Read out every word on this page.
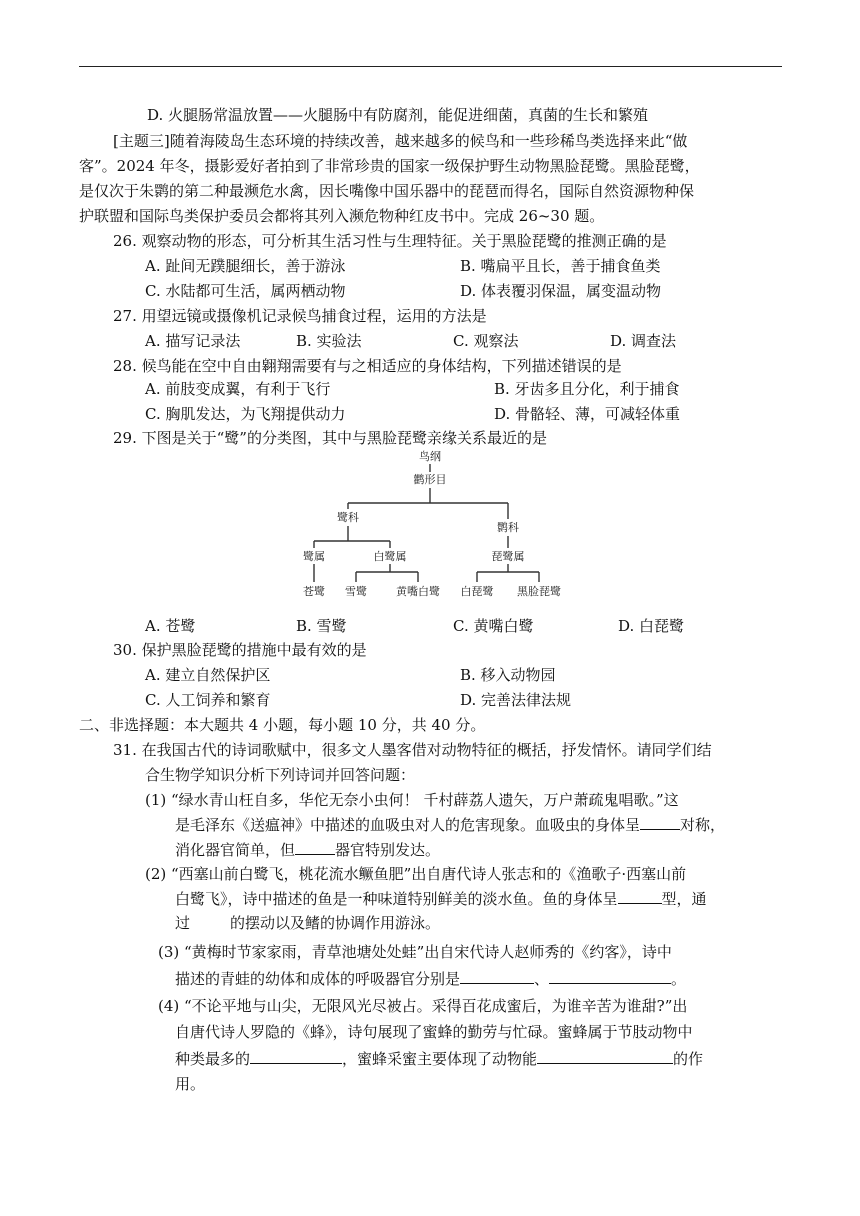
D. 火腿肠常温放置——火腿肠中有防腐剂，能促进细菌，真菌的生长和繁殖
[主题三]随着海陵岛生态环境的持续改善，越来越多的候鸟和一些珍稀鸟类选择来此“做
客”。2024 年冬，摄影爱好者拍到了非常珍贵的国家一级保护野生动物黑脸琵鹭。黑脸琵鹭，
是仅次于朱鹮的第二种最濒危水禽，因长嘴像中国乐器中的琵琶而得名，国际自然资源物种保
护联盟和国际鸟类保护委员会都将其列入濒危物种红皮书中。完成 26~30 题。
26. 观察动物的形态，可分析其生活习性与生理特征。关于黑脸琵鹭的推测正确的是
A. 趾间无蹼腿细长，善于游泳	B. 嘴扁平且长，善于捕食鱼类
C. 水陆都可生活，属两栖动物	D. 体表覆羽保温，属变温动物
27. 用望远镜或摄像机记录候鸟捕食过程，运用的方法是
A. 描写记录法	B. 实验法	C. 观察法	D. 调查法
28. 候鸟能在空中自由翱翔需要有与之相适应的身体结构，下列描述错误的是
A. 前肢变成翼，有利于飞行	B. 牙齿多且分化，利于捕食
C. 胸肌发达，为飞翔提供动力	D. 骨骼轻、薄，可减轻体重
29. 下图是关于“鹭”的分类图，其中与黑脸琵鹭亲缘关系最近的是
鸟纲
鹳形目
鹭科
鹮科
鹭属	白鹭属	琵鹭属
苍鹭 雪鹭	黄嘴白鹭 白琵鹭 黑脸琵鹭
A. 苍鹭	B. 雪鹭	C. 黄嘴白鹭	D. 白琵鹭
30. 保护黑脸琵鹭的措施中最有效的是
A. 建立自然保护区	B. 移入动物园
C. 人工饲养和繁育	D. 完善法律法规
二、非选择题：本大题共 4 小题，每小题 10 分，共 40 分。
31. 在我国古代的诗词歌赋中，很多文人墨客借对动物特征的概括，抒发情怀。请同学们结
合生物学知识分析下列诗词并回答问题：
(1) “绿水青山枉自多，华佗无奈小虫何！ 千村薜荔人遗矢，万户萧疏鬼唱歌。”这
是毛泽东《送瘟神》中描述的血吸虫对人的危害现象。血吸虫的身体呈	对称，
消化器官简单，但	器官特别发达。
(2) “西塞山前白鹭飞，桃花流水鳜鱼肥”出自唐代诗人张志和的《渔歌子·西塞山前
白鹭飞》，诗中描述的鱼是一种味道特别鲜美的淡水鱼。鱼的身体呈	型，通
过	的摆动以及鳍的协调作用游泳。
(3) “黄梅时节家家雨，青草池塘处处蛙”出自宋代诗人赵师秀的《约客》，诗中
描述的青蛙的幼体和成体的呼吸器官分别是	、	。
(4) “不论平地与山尖，无限风光尽被占。采得百花成蜜后，为谁辛苦为谁甜?”出
自唐代诗人罗隐的《蜂》，诗句展现了蜜蜂的勤劳与忙碌。蜜蜂属于节肢动物中
种类最多的	，蜜蜂采蜜主要体现了动物能	的作
用。
